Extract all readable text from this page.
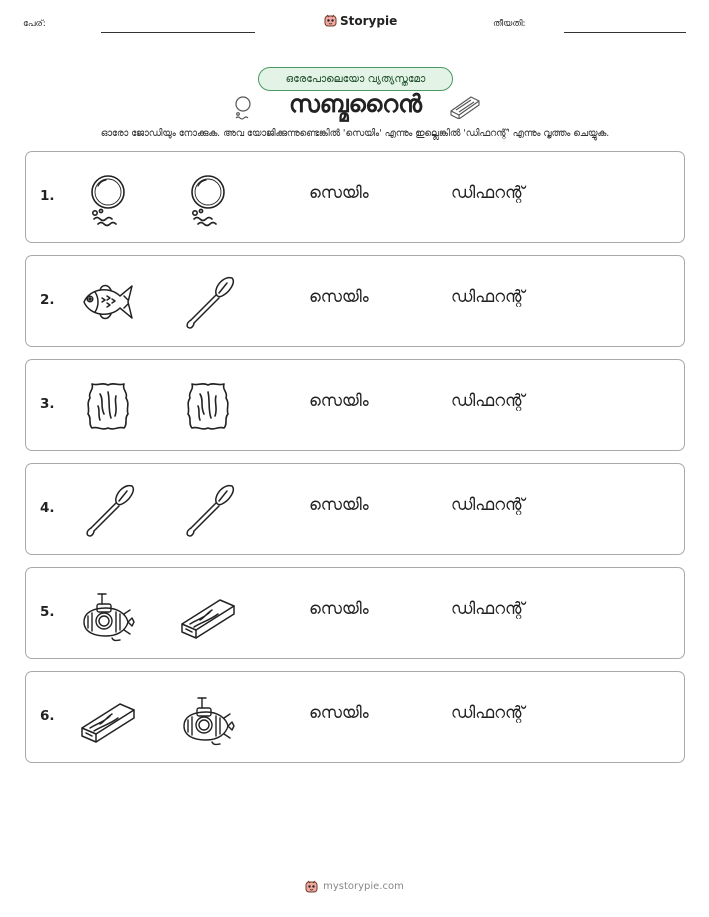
പേര്:	Storypie	തീയതി:
ഒരേപോലെയോ വ്യത്യസ്തമോ
സബ്മറൈൻ
ഓരോ ജോഡിയും നോക്കുക. അവ യോജിക്കുന്നുണ്ടെങ്കിൽ 'സെയിം' എന്നും ഇല്ലെങ്കിൽ 'ഡിഫറന്റ്' എന്നും വൃത്തം ചെയ്യുക.
1.	സെയിം	ഡിഫറന്റ്
2.	സെയിം	ഡിഫറന്റ്
3.	സെയിം	ഡിഫറന്റ്
4.	സെയിം	ഡിഫറന്റ്
5.	സെയിം	ഡിഫറന്റ്
6.	സെയിം	ഡിഫറന്റ്
mystorypie.com
